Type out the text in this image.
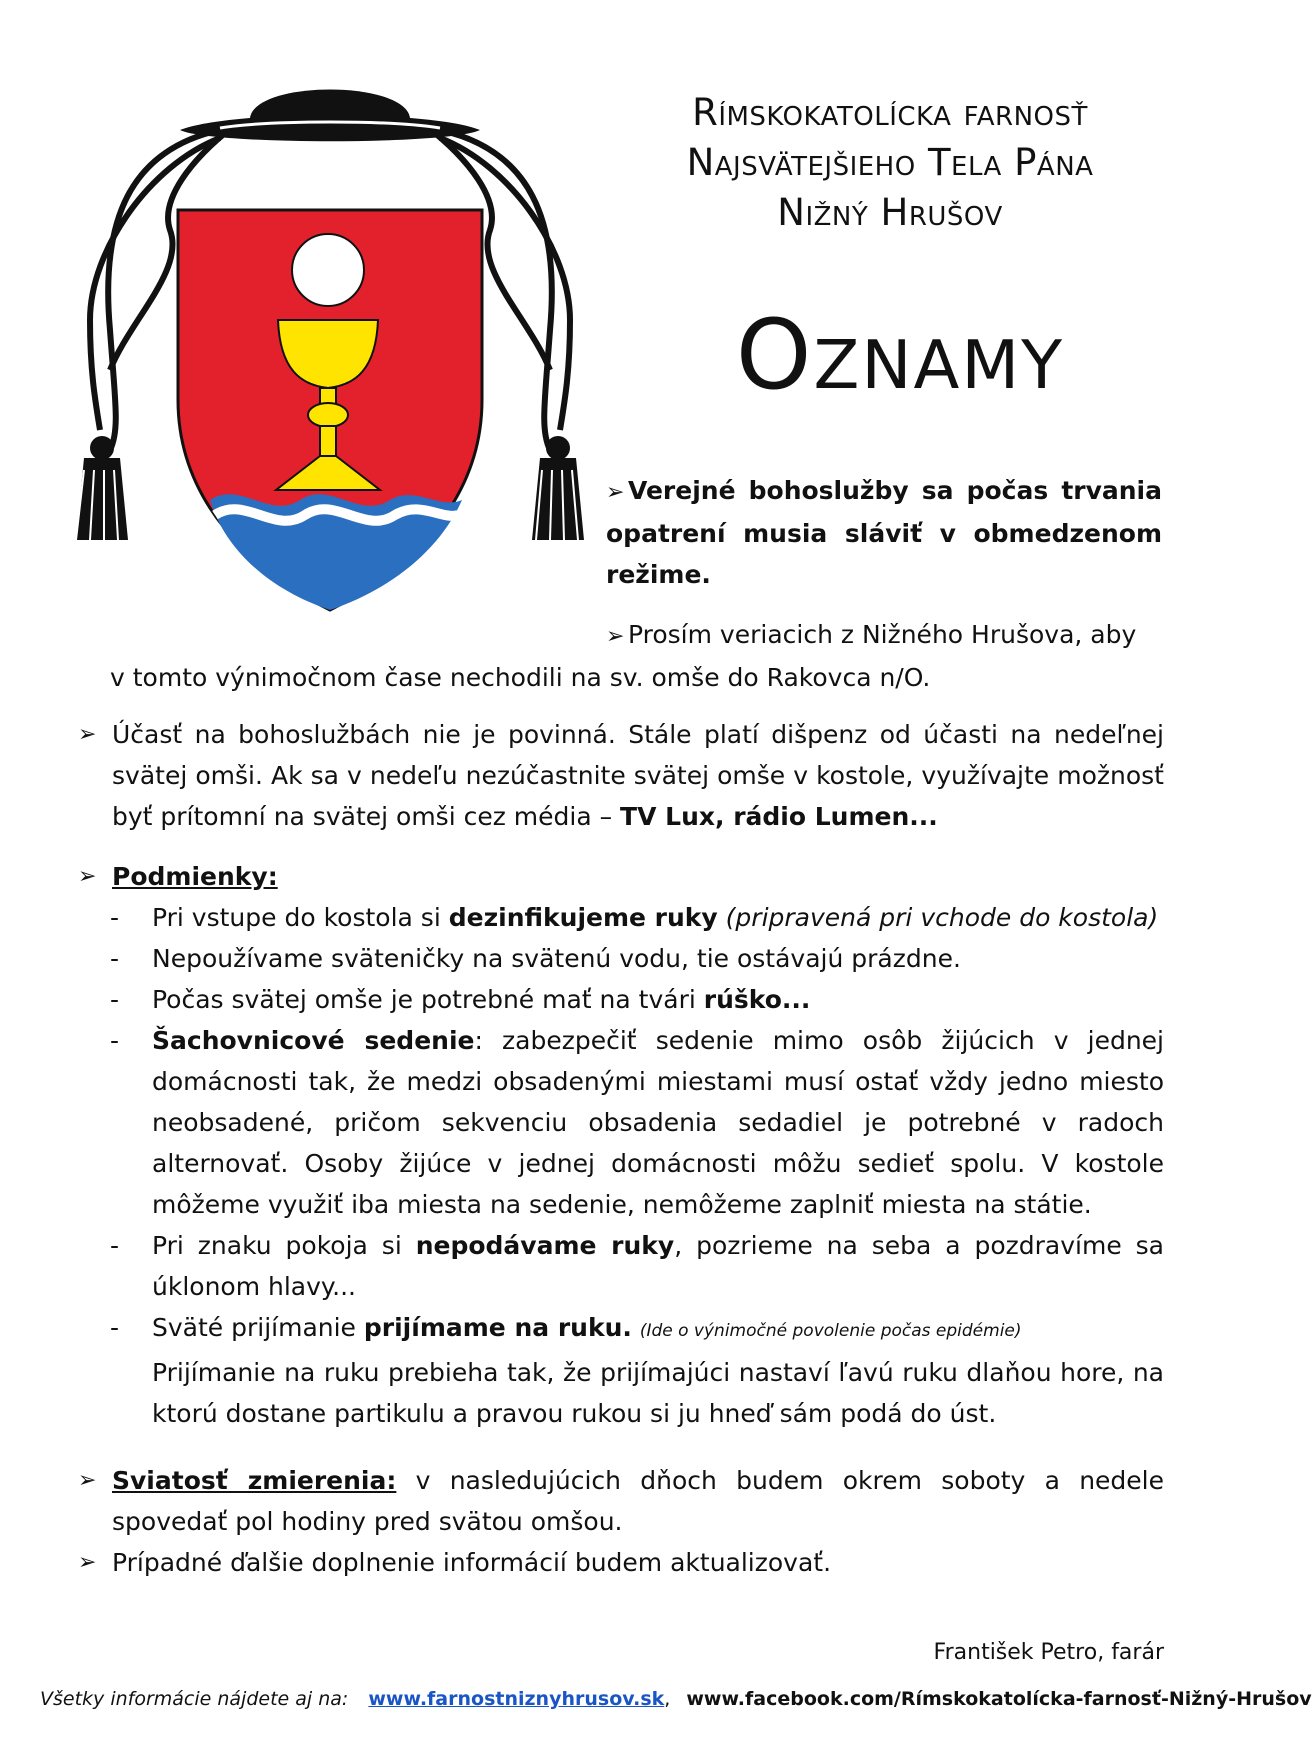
Rímskokatolícka farnosť
Najsvätejšieho Tela Pána
Nižný Hrušov
Oznamy
➢ Verejné bohoslužby sa počas trvania opatrení musia sláviť v obmedzenom režime.

➢ Prosím veriacich z Nižného Hrušova, aby

v tomto výnimočnom čase nechodili na sv. omše do Rakovca n/O.

➢ Účasť na bohoslužbách nie je povinná. Stále platí dišpenz od účasti na nedeľnej svätej omši. Ak sa v nedeľu nezúčastnite svätej omše v kostole, využívajte možnosť byť prítomní na svätej omši cez média – TV Lux, rádio Lumen...
➢ Podmienky:
-	Pri vstupe do kostola si dezinfikujeme ruky (pripravená pri vchode do kostola)
-	Nepoužívame sväteničky na svätenú vodu, tie ostávajú prázdne.
-	Počas svätej omše je potrebné mať na tvári rúško...
-	Šachovnicové sedenie: zabezpečiť sedenie mimo osôb žijúcich v jednej domácnosti tak, že medzi obsadenými miestami musí ostať vždy jedno miesto neobsadené, pričom sekvenciu obsadenia sedadiel je potrebné v radoch alternovať. Osoby žijúce v jednej domácnosti môžu sedieť spolu. V kostole môžeme využiť iba miesta na sedenie, nemôžeme zaplniť miesta na státie.
-	Pri znaku pokoja si nepodávame ruky, pozrieme na seba a pozdravíme sa úklonom hlavy...
-	Sväté prijímanie prijímame na ruku. (Ide o výnimočné povolenie počas epidémie)
Prijímanie na ruku prebieha tak, že prijímajúci nastaví ľavú ruku dlaňou hore, na ktorú dostane partikulu a pravou rukou si ju hneď sám podá do úst.
➢ Sviatosť zmierenia: v nasledujúcich dňoch budem okrem soboty a nedele spovedať pol hodiny pred svätou omšou.
➢ Prípadné ďalšie doplnenie informácií budem aktualizovať.
František Petro, farár
Všetky informácie nájdete aj na: www.farnostniznyhrusov.sk, www.facebook.com/Rímskokatolícka-farnosť-Nižný-Hrušov
